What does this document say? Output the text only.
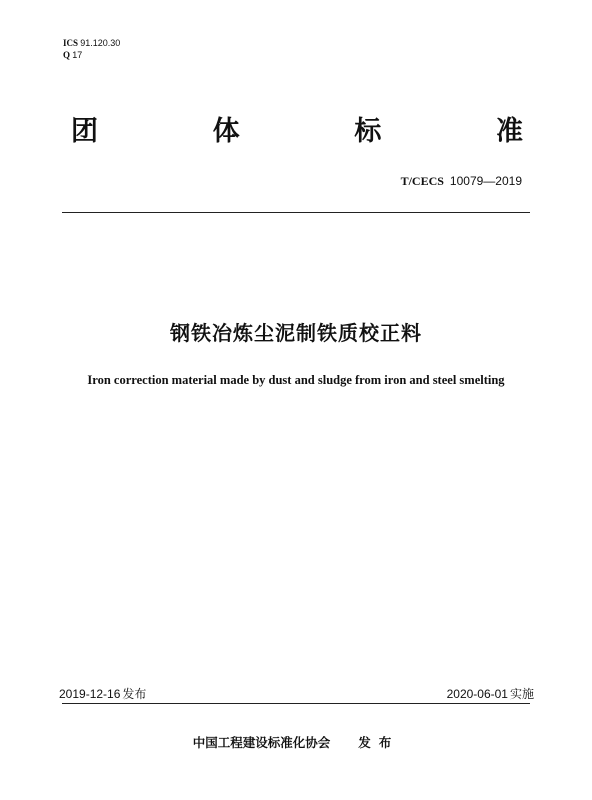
ICS 91.120.30
Q 17
团	体	标	准
T/CECS 10079—2019
钢铁冶炼尘泥制铁质校正料
Iron correction material made by dust and sludge from iron and steel smelting
2019-12-16 发布	2020-06-01 实施
中国工程建设标准化协会 发布
